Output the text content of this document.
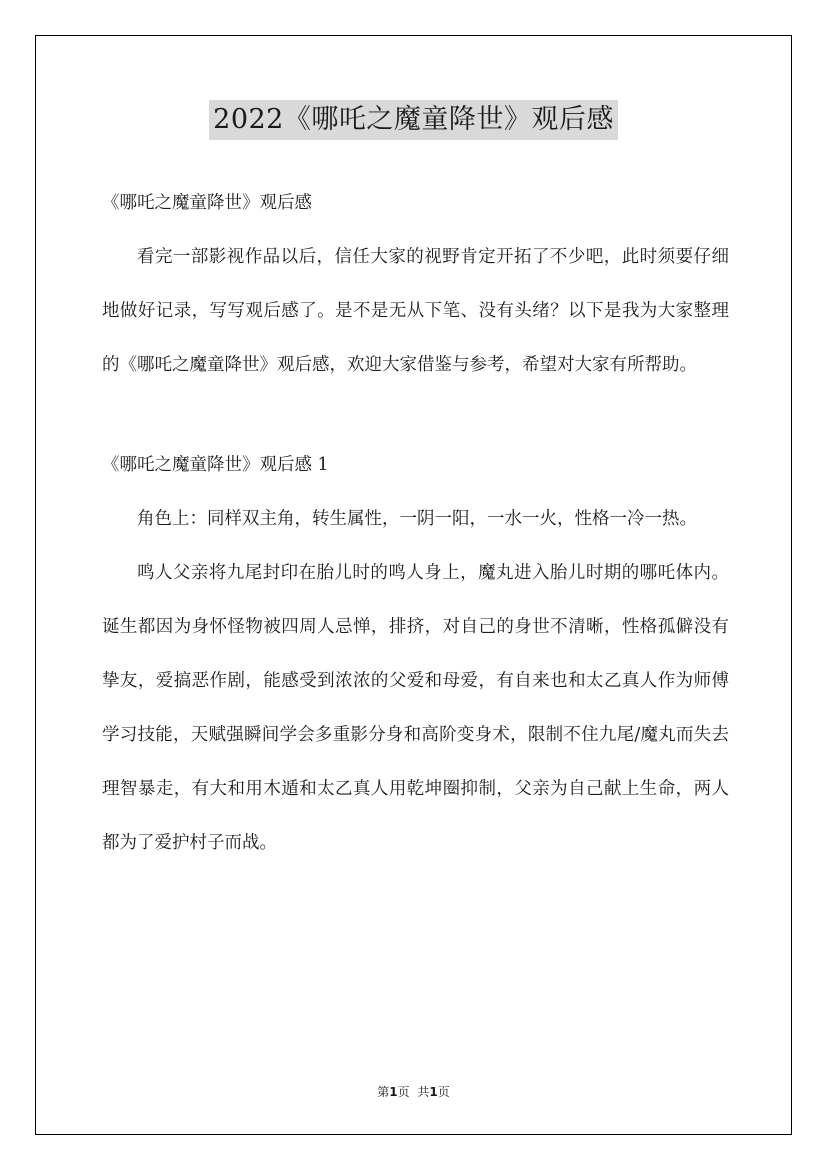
2022《哪吒之魔童降世》观后感

《哪吒之魔童降世》观后感

看完一部影视作品以后，信任大家的视野肯定开拓了不少吧，此时须要仔细地做好记录，写写观后感了。是不是无从下笔、没有头绪？以下是我为大家整理的《哪吒之魔童降世》观后感，欢迎大家借鉴与参考，希望对大家有所帮助。

《哪吒之魔童降世》观后感 1

角色上：同样双主角，转生属性，一阴一阳，一水一火，性格一冷一热。

鸣人父亲将九尾封印在胎儿时的鸣人身上，魔丸进入胎儿时期的哪吒体内。诞生都因为身怀怪物被四周人忌惮，排挤，对自己的身世不清晰，性格孤僻没有挚友，爱搞恶作剧，能感受到浓浓的父爱和母爱，有自来也和太乙真人作为师傅学习技能，天赋强瞬间学会多重影分身和高阶变身术，限制不住九尾/魔丸而失去理智暴走，有大和用木遁和太乙真人用乾坤圈抑制，父亲为自己献上生命，两人都为了爱护村子而战。

第1页 共1页
